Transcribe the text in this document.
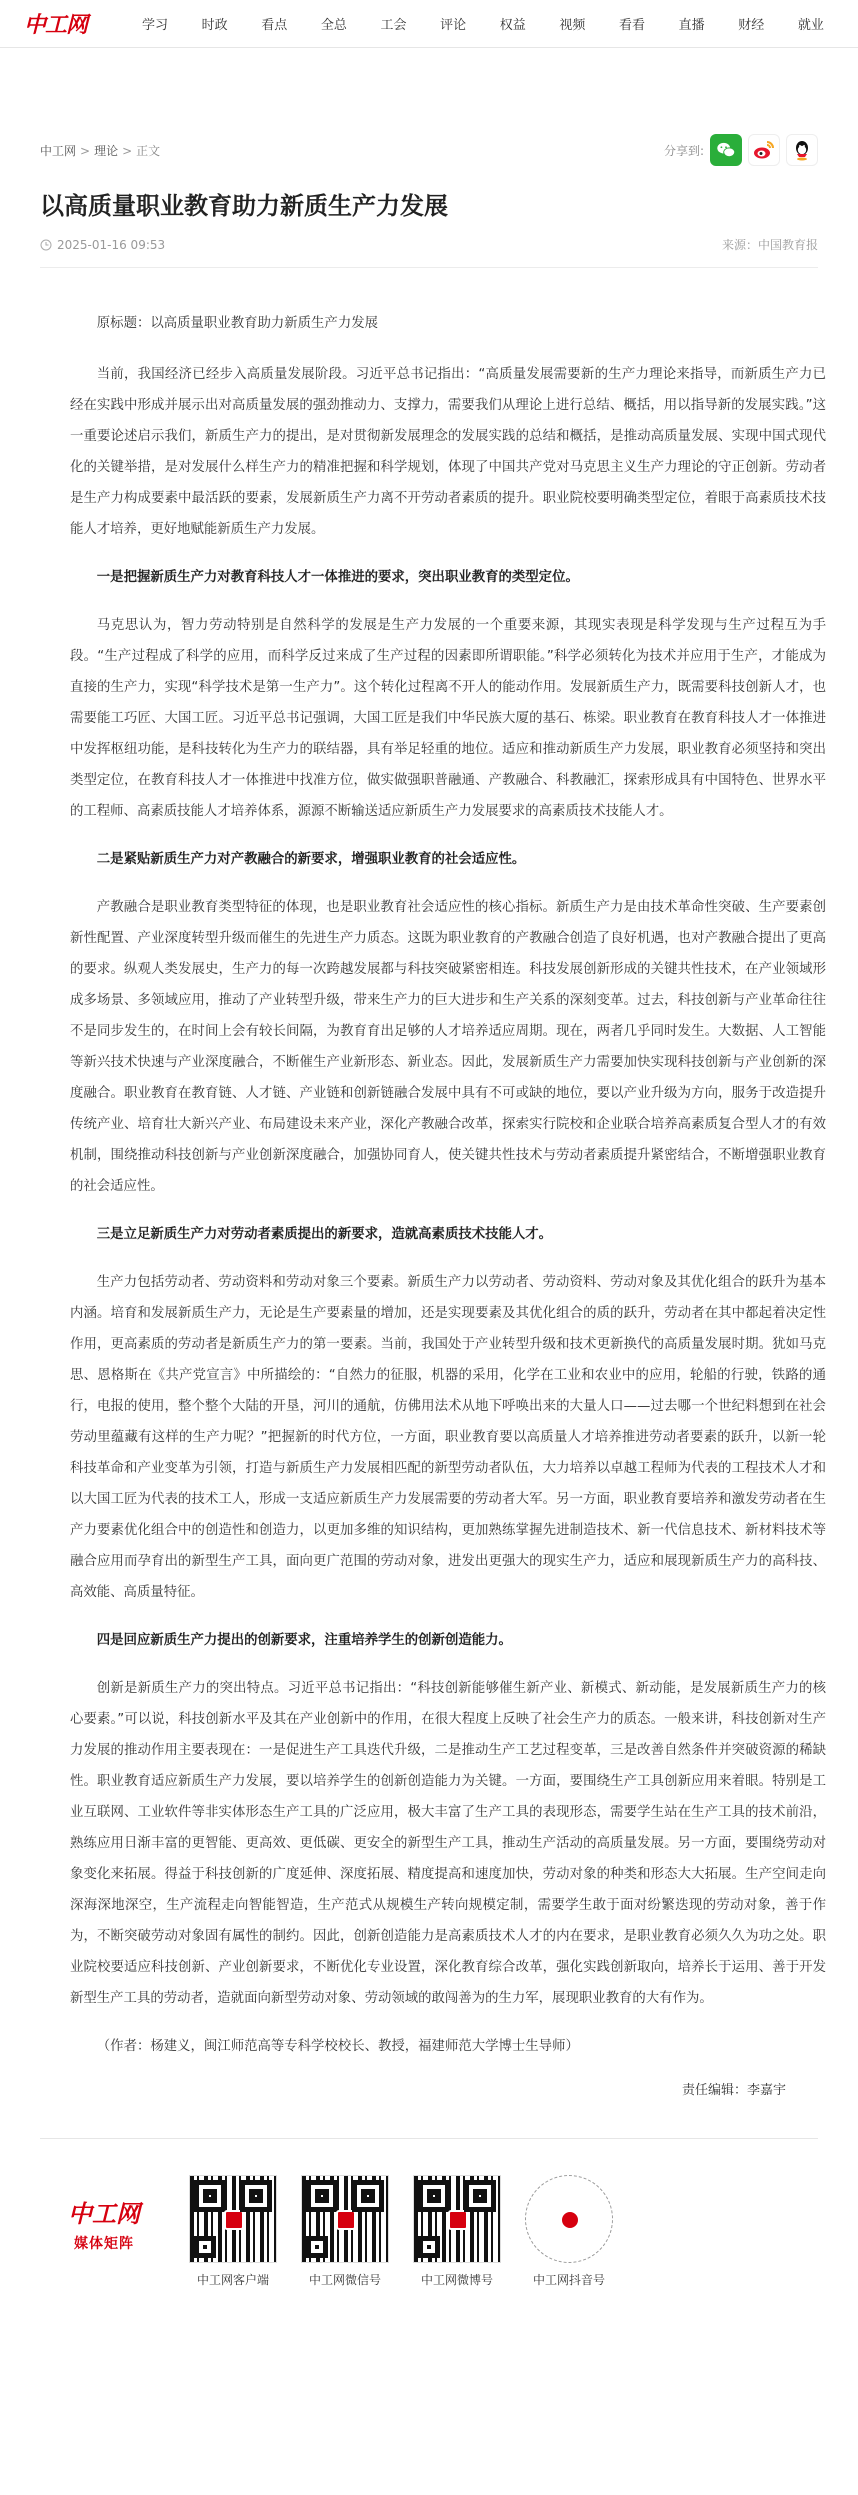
中工网	学习	时政	看点	全总	工会	评论	权益	视频	看看	直播	财经	就业
中工网 > 理论 > 正文	分享到:
以高质量职业教育助力新质生产力发展
2025-01-16 09:53	来源：中国教育报

原标题：以高质量职业教育助力新质生产力发展

当前，我国经济已经步入高质量发展阶段。习近平总书记指出：“高质量发展需要新的生产力理论来指导，而新质生产力已经在实践中形成并展示出对高质量发展的强劲推动力、支撑力，需要我们从理论上进行总结、概括，用以指导新的发展实践。”这一重要论述启示我们，新质生产力的提出，是对贯彻新发展理念的发展实践的总结和概括，是推动高质量发展、实现中国式现代化的关键举措，是对发展什么样生产力的精准把握和科学规划，体现了中国共产党对马克思主义生产力理论的守正创新。劳动者是生产力构成要素中最活跃的要素，发展新质生产力离不开劳动者素质的提升。职业院校要明确类型定位，着眼于高素质技术技能人才培养，更好地赋能新质生产力发展。

一是把握新质生产力对教育科技人才一体推进的要求，突出职业教育的类型定位。

马克思认为，智力劳动特别是自然科学的发展是生产力发展的一个重要来源，其现实表现是科学发现与生产过程互为手段。“生产过程成了科学的应用，而科学反过来成了生产过程的因素即所谓职能。”科学必须转化为技术并应用于生产，才能成为直接的生产力，实现“科学技术是第一生产力”。这个转化过程离不开人的能动作用。发展新质生产力，既需要科技创新人才，也需要能工巧匠、大国工匠。习近平总书记强调，大国工匠是我们中华民族大厦的基石、栋梁。职业教育在教育科技人才一体推进中发挥枢纽功能，是科技转化为生产力的联结器，具有举足轻重的地位。适应和推动新质生产力发展，职业教育必须坚持和突出类型定位，在教育科技人才一体推进中找准方位，做实做强职普融通、产教融合、科教融汇，探索形成具有中国特色、世界水平的工程师、高素质技能人才培养体系，源源不断输送适应新质生产力发展要求的高素质技术技能人才。

二是紧贴新质生产力对产教融合的新要求，增强职业教育的社会适应性。

产教融合是职业教育类型特征的体现，也是职业教育社会适应性的核心指标。新质生产力是由技术革命性突破、生产要素创新性配置、产业深度转型升级而催生的先进生产力质态。这既为职业教育的产教融合创造了良好机遇，也对产教融合提出了更高的要求。纵观人类发展史，生产力的每一次跨越发展都与科技突破紧密相连。科技发展创新形成的关键共性技术，在产业领域形成多场景、多领域应用，推动了产业转型升级，带来生产力的巨大进步和生产关系的深刻变革。过去，科技创新与产业革命往往不是同步发生的，在时间上会有较长间隔，为教育育出足够的人才培养适应周期。现在，两者几乎同时发生。大数据、人工智能等新兴技术快速与产业深度融合，不断催生产业新形态、新业态。因此，发展新质生产力需要加快实现科技创新与产业创新的深度融合。职业教育在教育链、人才链、产业链和创新链融合发展中具有不可或缺的地位，要以产业升级为方向，服务于改造提升传统产业、培育壮大新兴产业、布局建设未来产业，深化产教融合改革，探索实行院校和企业联合培养高素质复合型人才的有效机制，围绕推动科技创新与产业创新深度融合，加强协同育人，使关键共性技术与劳动者素质提升紧密结合，不断增强职业教育的社会适应性。

三是立足新质生产力对劳动者素质提出的新要求，造就高素质技术技能人才。

生产力包括劳动者、劳动资料和劳动对象三个要素。新质生产力以劳动者、劳动资料、劳动对象及其优化组合的跃升为基本内涵。培育和发展新质生产力，无论是生产要素量的增加，还是实现要素及其优化组合的质的跃升，劳动者在其中都起着决定性作用，更高素质的劳动者是新质生产力的第一要素。当前，我国处于产业转型升级和技术更新换代的高质量发展时期。犹如马克思、恩格斯在《共产党宣言》中所描绘的：“自然力的征服，机器的采用，化学在工业和农业中的应用，轮船的行驶，铁路的通行，电报的使用，整个整个大陆的开垦，河川的通航，仿佛用法术从地下呼唤出来的大量人口——过去哪一个世纪料想到在社会劳动里蕴藏有这样的生产力呢？”把握新的时代方位，一方面，职业教育要以高质量人才培养推进劳动者要素的跃升，以新一轮科技革命和产业变革为引领，打造与新质生产力发展相匹配的新型劳动者队伍，大力培养以卓越工程师为代表的工程技术人才和以大国工匠为代表的技术工人，形成一支适应新质生产力发展需要的劳动者大军。另一方面，职业教育要培养和激发劳动者在生产力要素优化组合中的创造性和创造力，以更加多维的知识结构，更加熟练掌握先进制造技术、新一代信息技术、新材料技术等融合应用而孕育出的新型生产工具，面向更广范围的劳动对象，进发出更强大的现实生产力，适应和展现新质生产力的高科技、高效能、高质量特征。

四是回应新质生产力提出的创新要求，注重培养学生的创新创造能力。

创新是新质生产力的突出特点。习近平总书记指出：“科技创新能够催生新产业、新模式、新动能，是发展新质生产力的核心要素。”可以说，科技创新水平及其在产业创新中的作用，在很大程度上反映了社会生产力的质态。一般来讲，科技创新对生产力发展的推动作用主要表现在：一是促进生产工具迭代升级，二是推动生产工艺过程变革，三是改善自然条件并突破资源的稀缺性。职业教育适应新质生产力发展，要以培养学生的创新创造能力为关键。一方面，要围绕生产工具创新应用来着眼。特别是工业互联网、工业软件等非实体形态生产工具的广泛应用，极大丰富了生产工具的表现形态，需要学生站在生产工具的技术前沿，熟练应用日渐丰富的更智能、更高效、更低碳、更安全的新型生产工具，推动生产活动的高质量发展。另一方面，要围绕劳动对象变化来拓展。得益于科技创新的广度延伸、深度拓展、精度提高和速度加快，劳动对象的种类和形态大大拓展。生产空间走向深海深地深空，生产流程走向智能智造，生产范式从规模生产转向规模定制，需要学生敢于面对纷繁迭现的劳动对象，善于作为，不断突破劳动对象固有属性的制约。因此，创新创造能力是高素质技术人才的内在要求，是职业教育必须久久为功之处。职业院校要适应科技创新、产业创新要求，不断优化专业设置，深化教育综合改革，强化实践创新取向，培养长于运用、善于开发新型生产工具的劳动者，造就面向新型劳动对象、劳动领域的敢闯善为的生力军，展现职业教育的大有作为。

（作者：杨建义，闽江师范高等专科学校校长、教授，福建师范大学博士生导师）

责任编辑：李嘉宇
中工网
媒体矩阵
中工网客户端	中工网微信号	中工网微博号	中工网抖音号
